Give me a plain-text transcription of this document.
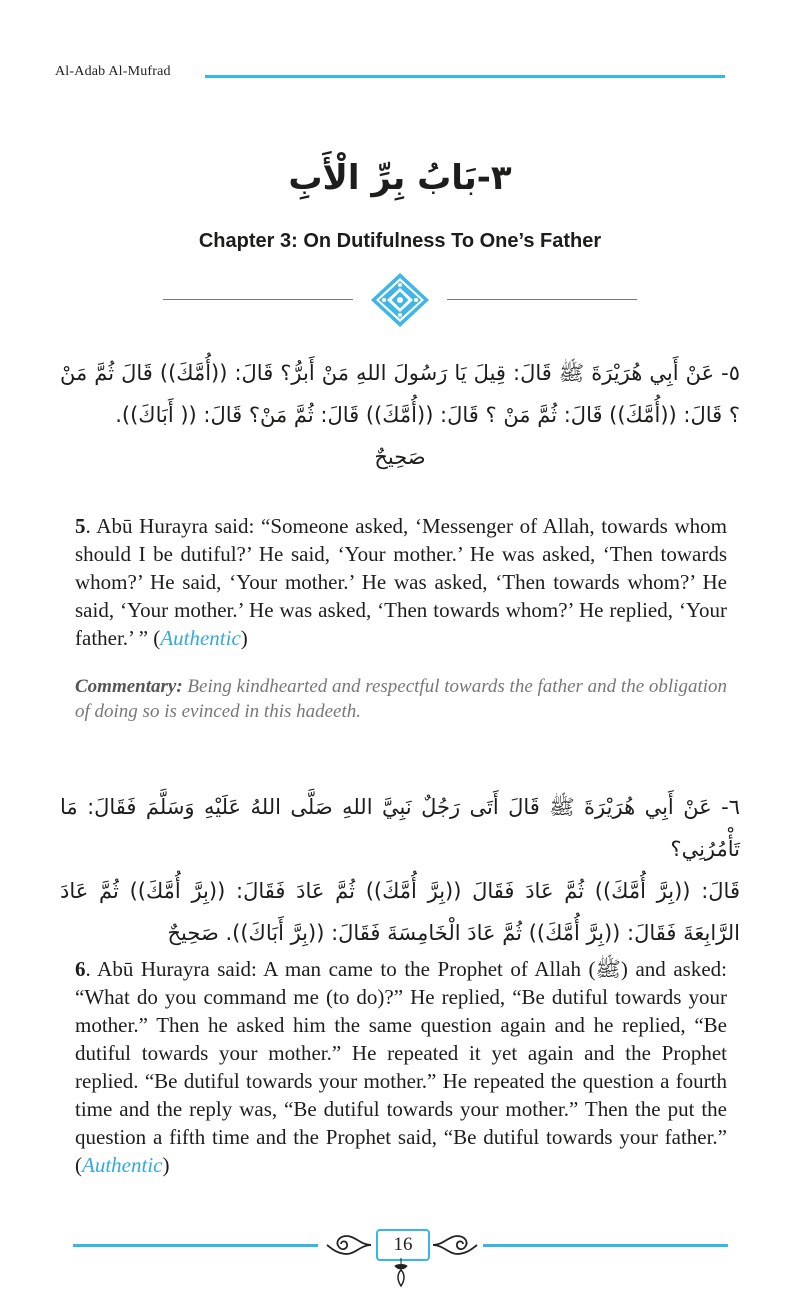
Al-Adab Al-Mufrad
٣-بَابُ بِرِّ الْأَبِ
Chapter 3: On Dutifulness To One’s Father
٥- عَنْ أَبِي هُرَيْرَةَ ﷺ قَالَ: قِيلَ يَا رَسُولَ اللهِ مَنْ أَبرُّ؟ قَالَ: ((أُمَّكَ)) قَالَ ثُمَّ مَنْ
؟ قَالَ: ((أُمَّكَ)) قَالَ: ثُمَّ مَنْ ؟ قَالَ: ((أُمَّكَ)) قَالَ: ثُمَّ مَنْ؟ قَالَ: (( أَبَاكَ)).
صَحِيحٌ
5. Abū Hurayra said: “Someone asked, ‘Messenger of Allah, towards whom should I be dutiful?’ He said, ‘Your mother.’ He was asked, ‘Then towards whom?’ He said, ‘Your mother.’ He was asked, ‘Then towards whom?’ He said, ‘Your mother.’ He was asked, ‘Then towards whom?’ He replied, ‘Your father.’ ” (Authentic)
Commentary: Being kindhearted and respectful towards the father and the obligation of doing so is evinced in this hadeeth.
٦- عَنْ أَبِي هُرَيْرَةَ ﷺ قَالَ أَتَى رَجُلٌ نَبِيَّ اللهِ صَلَّى اللهُ عَلَيْهِ وَسَلَّمَ فَقَالَ: مَا تَأْمُرُنِي؟
قَالَ: ((بِرَّ أُمَّكَ)) ثُمَّ عَادَ فَقَالَ ((بِرَّ أُمَّكَ)) ثُمَّ عَادَ فَقَالَ: ((بِرَّ أُمَّكَ)) ثُمَّ عَادَ
الرَّابِعَةَ فَقَالَ: ((بِرَّ أُمَّكَ)) ثُمَّ عَادَ الْخَامِسَةَ فَقَالَ: ((بِرَّ أَبَاكَ)). صَحِيحٌ
6. Abū Hurayra said: A man came to the Prophet of Allah (ﷺ) and asked: “What do you command me (to do)?” He replied, “Be dutiful towards your mother.” Then he asked him the same question again and he replied, “Be dutiful towards your mother.” He repeated it yet again and the Prophet replied. “Be dutiful towards your mother.” He repeated the question a fourth time and the reply was, “Be dutiful towards your mother.” Then the put the question a fifth time and the Prophet said, “Be dutiful towards your father.” (Authentic)
16
